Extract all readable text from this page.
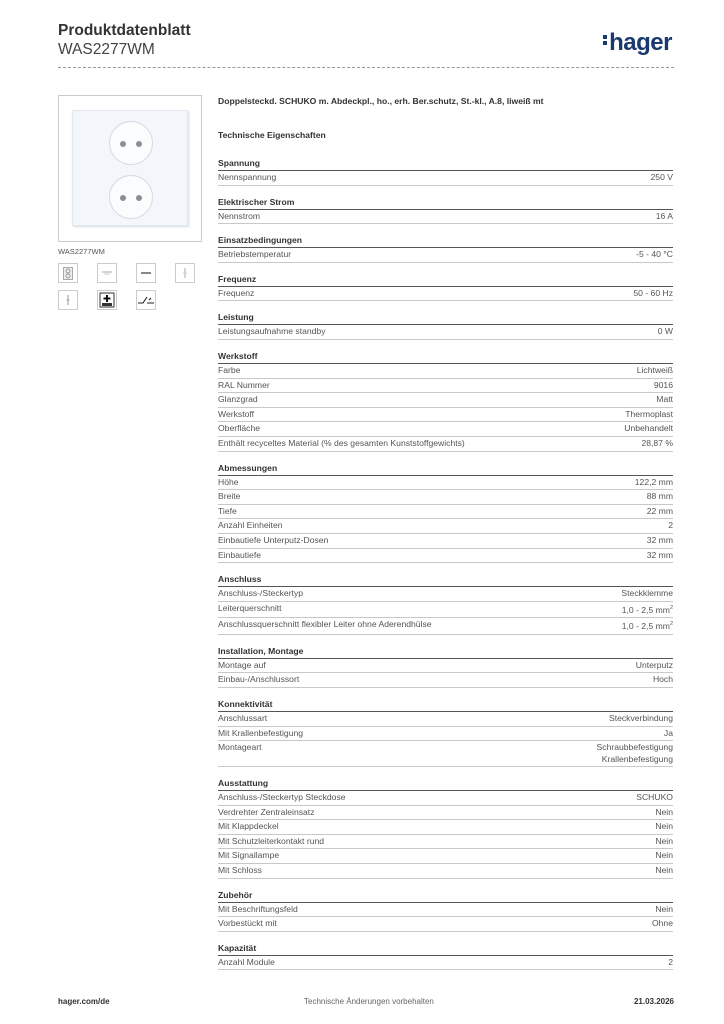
Produktdatenblatt
WAS2277WM	hager
WAS2277WM
Doppelsteckd. SCHUKO m. Abdeckpl., ho., erh. Ber.schutz, St.-kl., A.8, liweiß mt
Technische Eigenschaften
Spannung
Nennspannung	250 V
Elektrischer Strom
Nennstrom	16 A
Einsatzbedingungen
Betriebstemperatur	-5 - 40 °C
Frequenz
Frequenz	50 - 60 Hz
Leistung
Leistungsaufnahme standby	0 W
Werkstoff
Farbe	Lichtweiß
RAL Nummer	9016
Glanzgrad	Matt
Werkstoff	Thermoplast
Oberfläche	Unbehandelt
Enthält recyceltes Material (% des gesamten Kunststoffgewichts)	28,87 %
Abmessungen
Höhe	122,2 mm
Breite	88 mm
Tiefe	22 mm
Anzahl Einheiten	2
Einbautiefe Unterputz-Dosen	32 mm
Einbautiefe	32 mm
Anschluss
Anschluss-/Steckertyp	Steckklemme
Leiterquerschnitt	1,0 - 2,5 $mm^2$
Anschlussquerschnitt flexibler Leiter ohne Aderendhülse	1,0 - 2,5 $mm^2$
Installation, Montage
Montage auf	Unterputz
Einbau-/Anschlussort	Hoch
Konnektivität
Anschlussart	Steckverbindung
Mit Krallenbefestigung	Ja
Montageart	Schraubbefestigung
Krallenbefestigung
Ausstattung
Anschluss-/Steckertyp Steckdose	SCHUKO
Verdrehter Zentraleinsatz	Nein
Mit Klappdeckel	Nein
Mit Schutzleiterkontakt rund	Nein
Mit Signallampe	Nein
Mit Schloss	Nein
Zubehör
Mit Beschriftungsfeld	Nein
Vorbestückt mit	Ohne
Kapazität
Anzahl Module	2
hager.com/de	Technische Änderungen vorbehalten	21.03.2026
